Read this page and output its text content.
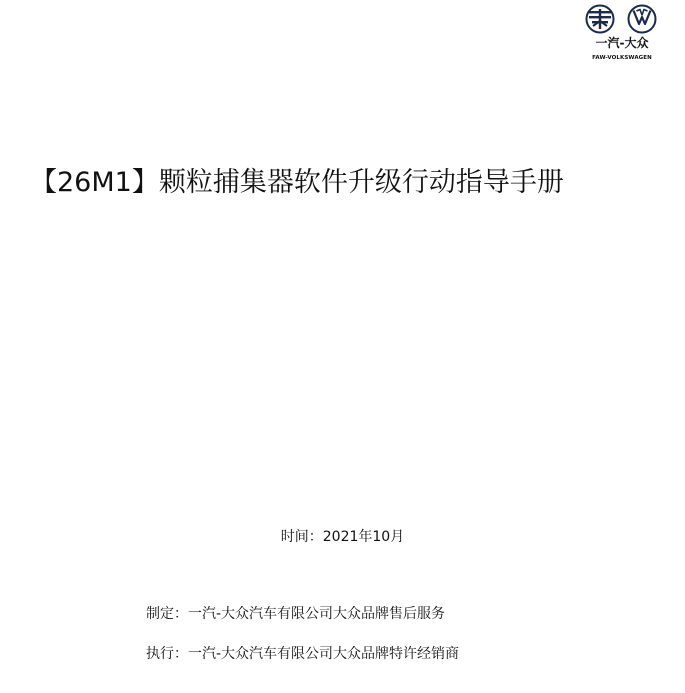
一汽-大众
FAW-VOLKSWAGEN
【26M1】颗粒捕集器软件升级行动指导手册
时间：2021年10月
制定：一汽-大众汽车有限公司大众品牌售后服务
执行：一汽-大众汽车有限公司大众品牌特许经销商
